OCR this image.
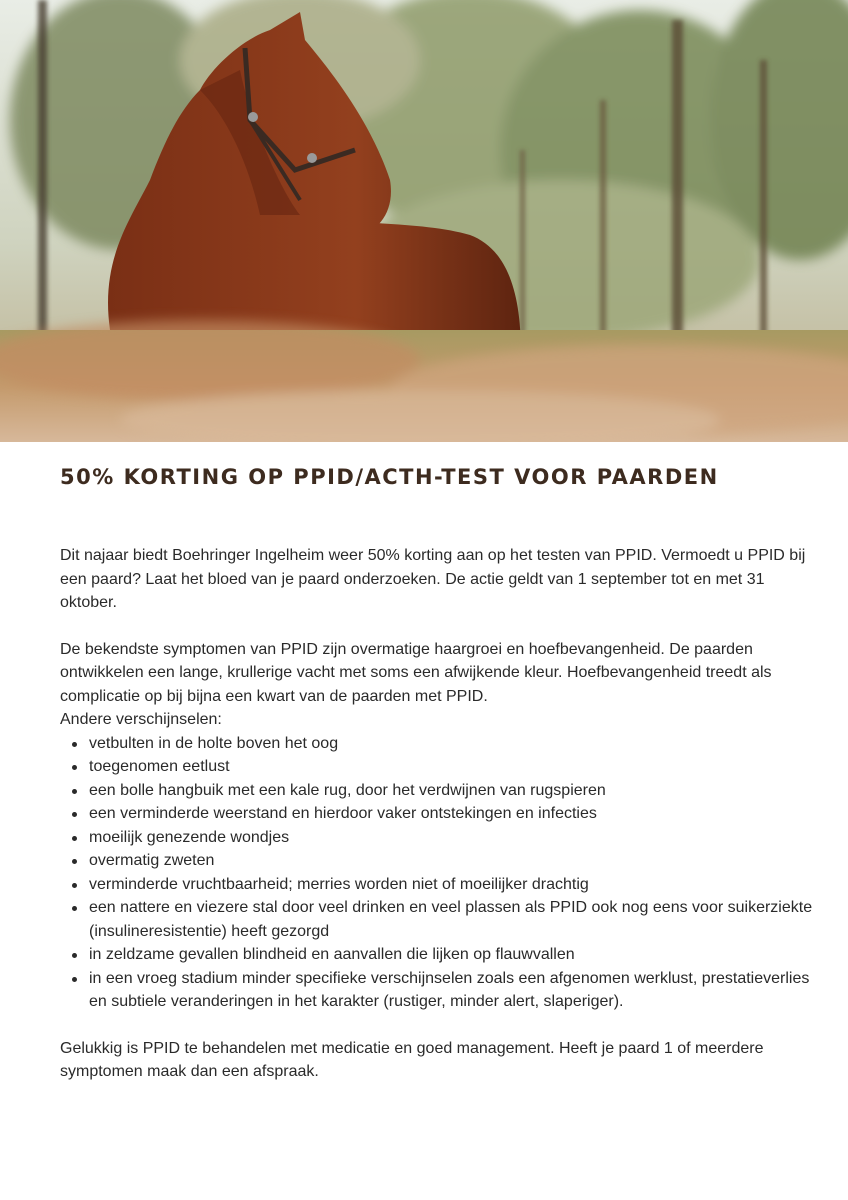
50% KORTING OP PPID/ACTH-TEST VOOR PAARDEN

Dit najaar biedt Boehringer Ingelheim weer 50% korting aan op het testen van PPID. Vermoedt u PPID bij een paard? Laat het bloed van je paard onderzoeken. De actie geldt van 1 september tot en met 31 oktober.

De bekendste symptomen van PPID zijn overmatige haargroei en hoefbevangenheid. De paarden ontwikkelen een lange, krullerige vacht met soms een afwijkende kleur. Hoefbevangenheid treedt als complicatie op bij bijna een kwart van de paarden met PPID.

Andere verschijnselen:

vetbulten in de holte boven het oog
toegenomen eetlust
een bolle hangbuik met een kale rug, door het verdwijnen van rugspieren
een verminderde weerstand en hierdoor vaker ontstekingen en infecties
moeilijk genezende wondjes
overmatig zweten
verminderde vruchtbaarheid; merries worden niet of moeilijker drachtig
een nattere en viezere stal door veel drinken en veel plassen als PPID ook nog eens voor suikerziekte (insulineresistentie) heeft gezorgd
in zeldzame gevallen blindheid en aanvallen die lijken op flauwvallen
in een vroeg stadium minder specifieke verschijnselen zoals een afgenomen werklust, prestatieverlies en subtiele veranderingen in het karakter (rustiger, minder alert, slaperiger).

Gelukkig is PPID te behandelen met medicatie en goed management. Heeft je paard 1 of meerdere symptomen maak dan een afspraak.
